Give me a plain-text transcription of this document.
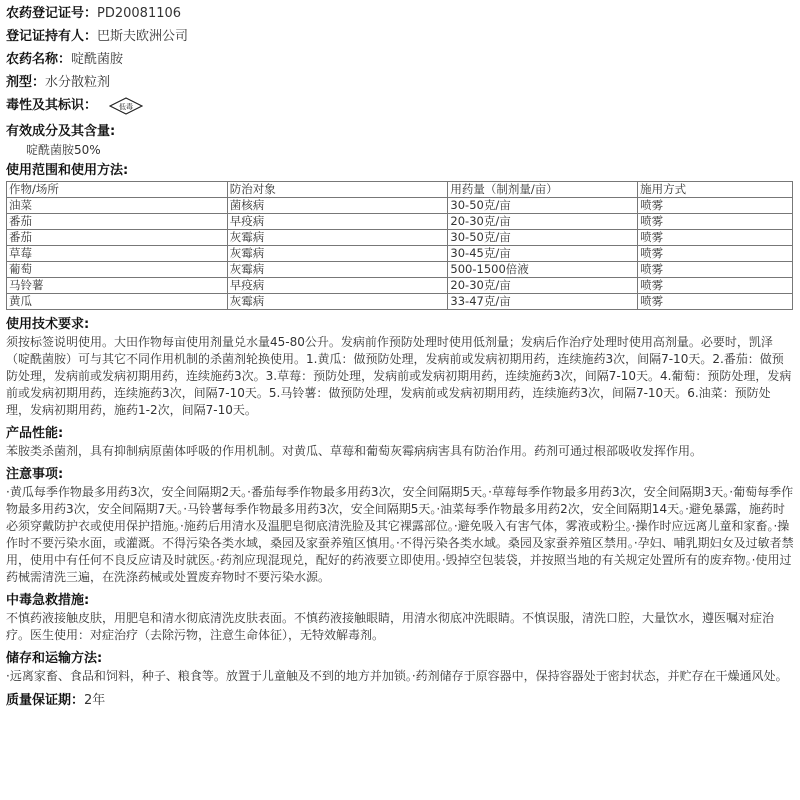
农药登记证号：PD20081106
登记证持有人：巴斯夫欧洲公司
农药名称：啶酰菌胺
剂型：水分散粒剂
毒性及其标识：	低毒
有效成分及其含量:
啶酰菌胺50%
使用范围和使用方法:
作物/场所	防治对象	用药量（制剂量/亩）	施用方式
油菜	菌核病	30-50克/亩	喷雾
番茄	早疫病	20-30克/亩	喷雾
番茄	灰霉病	30-50克/亩	喷雾
草莓	灰霉病	30-45克/亩	喷雾
葡萄	灰霉病	500-1500倍液	喷雾
马铃薯	早疫病	20-30克/亩	喷雾
黄瓜	灰霉病	33-47克/亩	喷雾
使用技术要求:

须按标签说明使用。大田作物每亩使用剂量兑水量45-80公升。发病前作预防处理时使用低剂量；发病后作治疗处理时使用高剂量。必要时，凯泽（啶酰菌胺）可与其它不同作用机制的杀菌剂轮换使用。1.黄瓜：做预防处理，发病前或发病初期用药，连续施药3次，间隔7-10天。2.番茄：做预防处理，发病前或发病初期用药，连续施药3次。3.草莓：预防处理，发病前或发病初期用药，连续施药3次，间隔7-10天。4.葡萄：预防处理，发病前或发病初期用药，连续施药3次，间隔7-10天。5.马铃薯：做预防处理，发病前或发病初期用药，连续施药3次，间隔7-10天。6.油菜：预防处理，发病初期用药，施药1-2次，间隔7-10天。

产品性能:

苯胺类杀菌剂，具有抑制病原菌体呼吸的作用机制。对黄瓜、草莓和葡萄灰霉病病害具有防治作用。药剂可通过根部吸收发挥作用。

注意事项:

·黄瓜每季作物最多用药3次，安全间隔期2天。·番茄每季作物最多用药3次，安全间隔期5天。·草莓每季作物最多用药3次，安全间隔期3天。·葡萄每季作物最多用药3次，安全间隔期7天。·马铃薯每季作物最多用药3次，安全间隔期5天。·油菜每季作物最多用药2次，安全间隔期14天。·避免暴露，施药时必须穿戴防护衣或使用保护措施。·施药后用清水及温肥皂彻底清洗脸及其它裸露部位。·避免吸入有害气体，雾液或粉尘。·操作时应远离儿童和家畜。·操作时不要污染水面，或灌溉。不得污染各类水域，桑园及家蚕养殖区慎用。·不得污染各类水域。桑园及家蚕养殖区禁用。·孕妇、哺乳期妇女及过敏者禁用，使用中有任何不良反应请及时就医。·药剂应现混现兑，配好的药液要立即使用。·毁掉空包装袋，并按照当地的有关规定处置所有的废弃物。·使用过药械需清洗三遍，在洗涤药械或处置废弃物时不要污染水源。

中毒急救措施:

不慎药液接触皮肤，用肥皂和清水彻底清洗皮肤表面。不慎药液接触眼睛，用清水彻底冲洗眼睛。不慎误服，清洗口腔，大量饮水，遵医嘱对症治疗。医生使用：对症治疗（去除污物，注意生命体征），无特效解毒剂。

储存和运输方法:

·远离家畜、食品和饲料，种子、粮食等。放置于儿童触及不到的地方并加锁。·药剂储存于原容器中，保持容器处于密封状态，并贮存在干燥通风处。

质量保证期：2年
